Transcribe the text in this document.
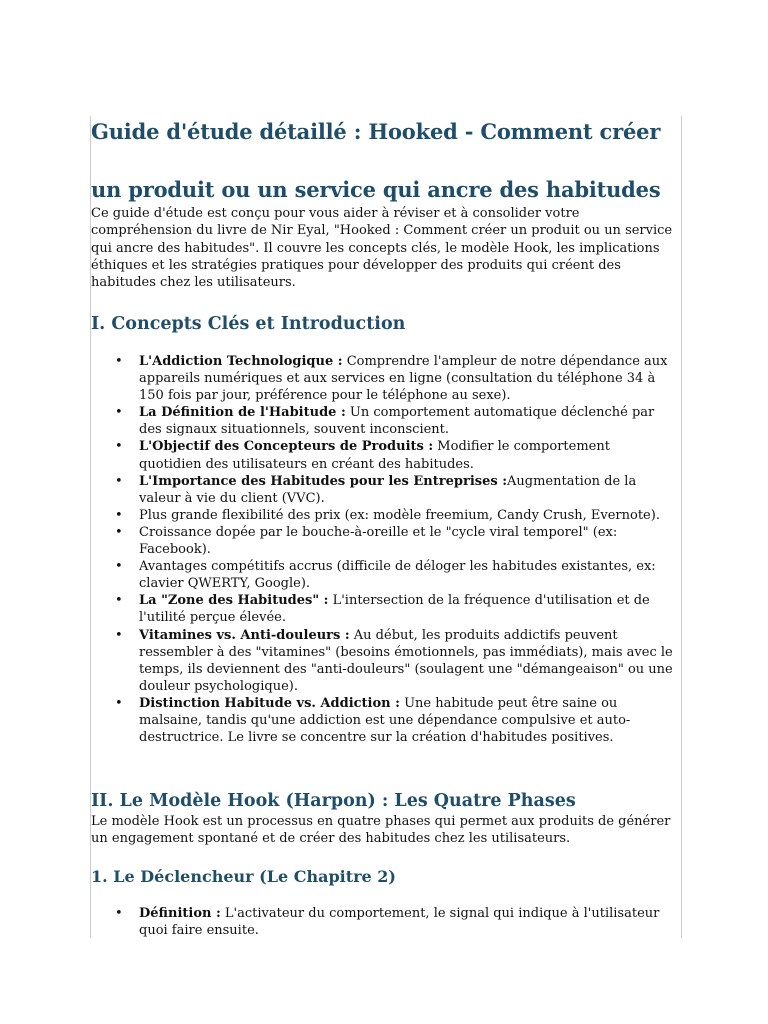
Guide d'étude détaillé : Hooked - Comment créer
un produit ou un service qui ancre des habitudes
Ce guide d'étude est conçu pour vous aider à réviser et à consolider votre compréhension du livre de Nir Eyal, "Hooked : Comment créer un produit ou un service qui ancre des habitudes". Il couvre les concepts clés, le modèle Hook, les implications éthiques et les stratégies pratiques pour développer des produits qui créent des habitudes chez les utilisateurs.
I. Concepts Clés et Introduction
• L'Addiction Technologique : Comprendre l'ampleur de notre dépendance aux appareils numériques et aux services en ligne (consultation du téléphone 34 à 150 fois par jour, préférence pour le téléphone au sexe).
• La Définition de l'Habitude : Un comportement automatique déclenché par des signaux situationnels, souvent inconscient.
• L'Objectif des Concepteurs de Produits : Modifier le comportement quotidien des utilisateurs en créant des habitudes.
• L'Importance des Habitudes pour les Entreprises :Augmentation de la valeur à vie du client (VVC).
• Plus grande flexibilité des prix (ex: modèle freemium, Candy Crush, Evernote).
• Croissance dopée par le bouche-à-oreille et le "cycle viral temporel" (ex: Facebook).
• Avantages compétitifs accrus (difficile de déloger les habitudes existantes, ex: clavier QWERTY, Google).
• La "Zone des Habitudes" : L'intersection de la fréquence d'utilisation et de l'utilité perçue élevée.
• Vitamines vs. Anti-douleurs : Au début, les produits addictifs peuvent ressembler à des "vitamines" (besoins émotionnels, pas immédiats), mais avec le temps, ils deviennent des "anti-douleurs" (soulagent une "démangeaison" ou une douleur psychologique).
• Distinction Habitude vs. Addiction : Une habitude peut être saine ou malsaine, tandis qu'une addiction est une dépendance compulsive et auto-destructrice. Le livre se concentre sur la création d'habitudes positives.
II. Le Modèle Hook (Harpon) : Les Quatre Phases
Le modèle Hook est un processus en quatre phases qui permet aux produits de générer un engagement spontané et de créer des habitudes chez les utilisateurs.
1. Le Déclencheur (Le Chapitre 2)
• Définition : L'activateur du comportement, le signal qui indique à l'utilisateur quoi faire ensuite.
